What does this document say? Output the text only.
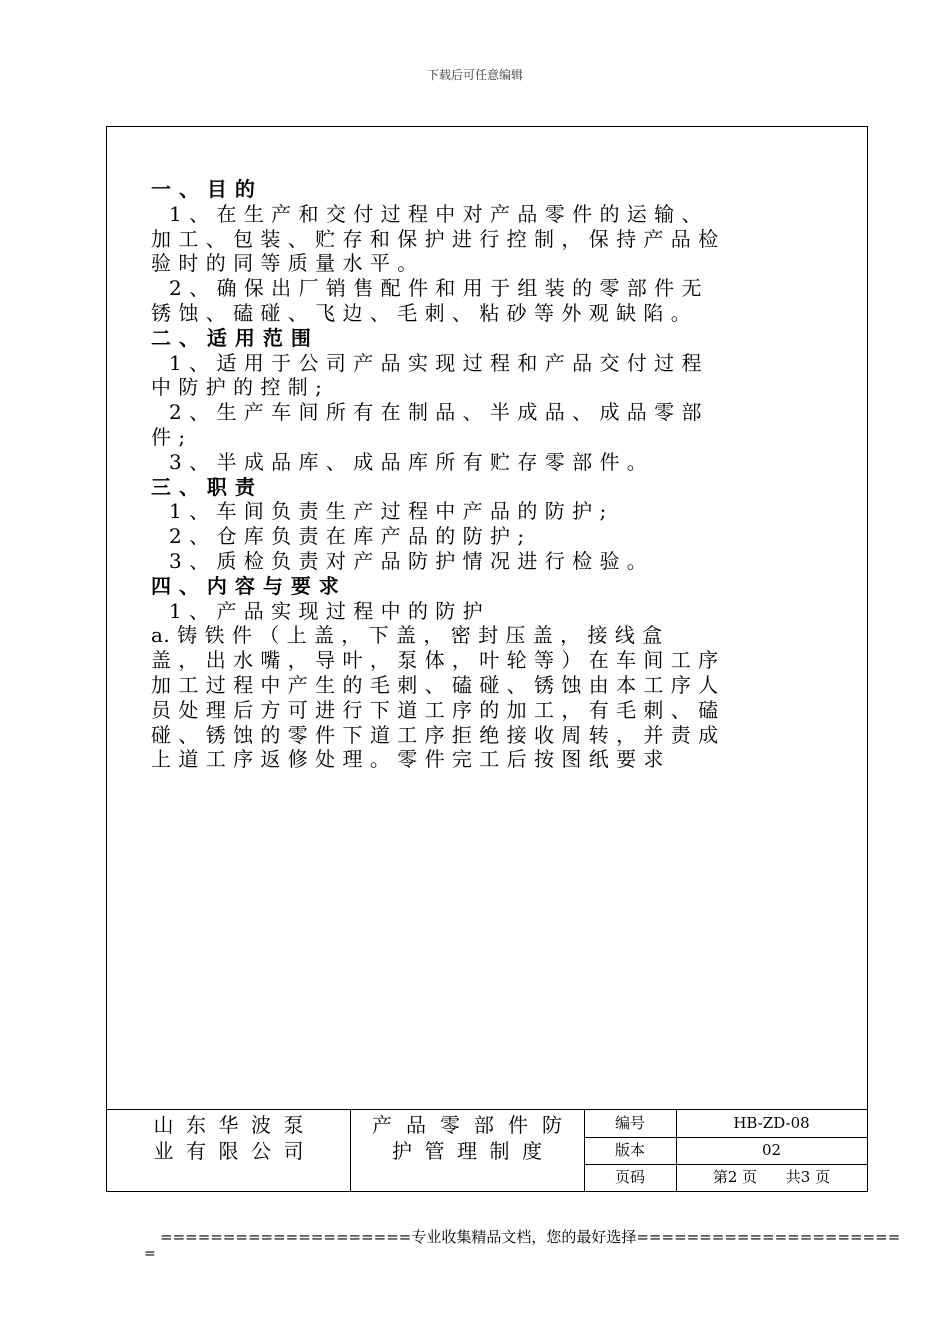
下载后可任意编辑
一 、 目 的
1 、 在 生 产 和 交 付 过 程 中 对 产 品 零 件 的 运 输 、
加 工 、 包 装 、 贮 存 和 保 护 进 行 控 制 ， 保 持 产 品 检
验 时 的 同 等 质 量 水 平 。
2 、 确 保 出 厂 销 售 配 件 和 用 于 组 装 的 零 部 件 无
锈 蚀 、 磕 碰 、 飞 边 、 毛 刺 、 粘 砂 等 外 观 缺 陷 。
二 、 适 用 范 围
1 、 适 用 于 公 司 产 品 实 现 过 程 和 产 品 交 付 过 程
中 防 护 的 控 制 ;
2 、 生 产 车 间 所 有 在 制 品 、 半 成 品 、 成 品 零 部
件 ;
3 、 半 成 品 库 、 成 品 库 所 有 贮 存 零 部 件 。
三 、 职 责
1 、 车 间 负 责 生 产 过 程 中 产 品 的 防 护 ;
2 、 仓 库 负 责 在 库 产 品 的 防 护 ;
3 、 质 检 负 责 对 产 品 防 护 情 况 进 行 检 验 。
四 、 内 容 与 要 求
1 、 产 品 实 现 过 程 中 的 防 护
a. 铸 铁 件 （ 上 盖 ， 下 盖 ， 密 封 压 盖 ， 接 线 盒
盖 ， 出 水 嘴 ， 导 叶 ， 泵 体 ， 叶 轮 等 ） 在 车 间 工 序
加 工 过 程 中 产 生 的 毛 刺 、 磕 碰 、 锈 蚀 由 本 工 序 人
员 处 理 后 方 可 进 行 下 道 工 序 的 加 工 ， 有 毛 刺 、 磕
碰 、 锈 蚀 的 零 件 下 道 工 序 拒 绝 接 收 周 转 ， 并 责 成
上 道 工 序 返 修 处 理 。 零 件 完 工 后 按 图 纸 要 求
山 东 华 波 泵
业 有 限 公 司
产 品 零 部 件 防
护 管 理 制 度
编号	HB-ZD-08
版本	02
页码	第2 页      共3 页
====================专业收集精品文档，您的最好选择=====================
=
